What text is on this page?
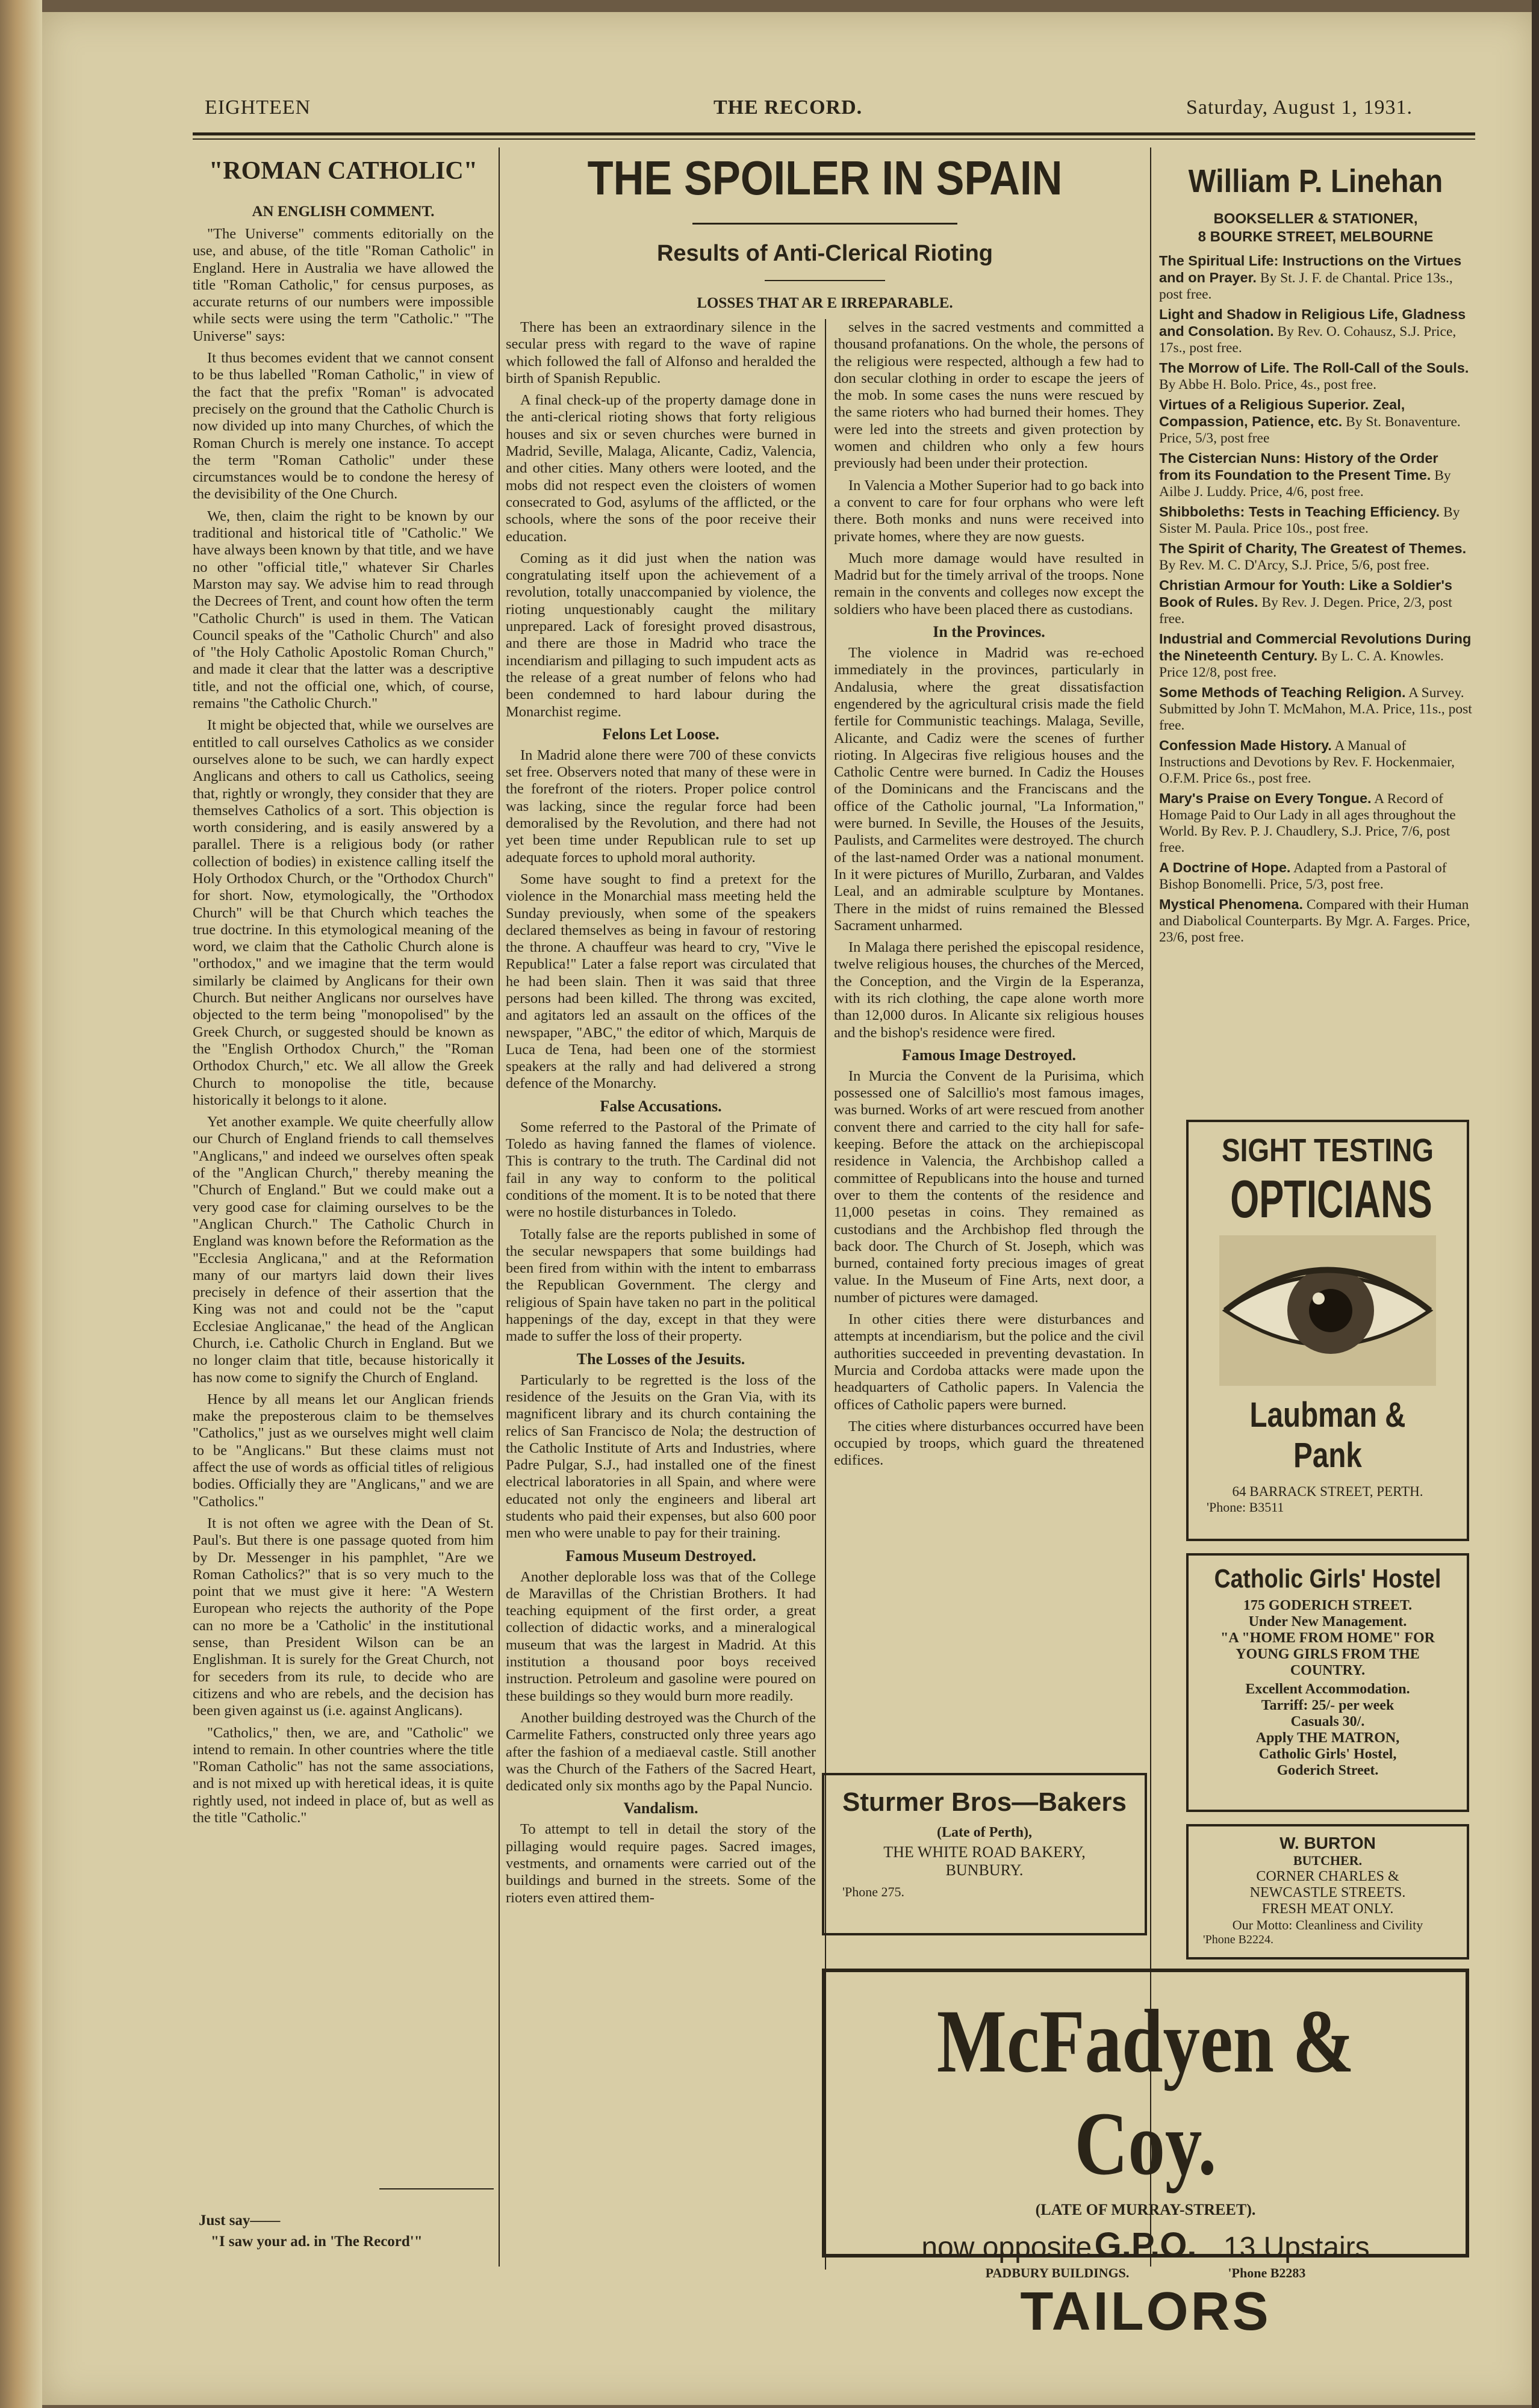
EIGHTEEN	THE RECORD.	Saturday, August 1, 1931.
"ROMAN CATHOLIC"
AN ENGLISH COMMENT.

"The Universe" comments editorially on the use, and abuse, of the title "Roman Catholic" in England. Here in Australia we have allowed the title "Roman Catholic," for census purposes, as accurate returns of our numbers were impossible while sects were using the term "Catholic." "The Universe" says:

It thus becomes evident that we cannot consent to be thus labelled "Roman Catholic," in view of the fact that the prefix "Roman" is advocated precisely on the ground that the Catholic Church is now divided up into many Churches, of which the Roman Church is merely one instance. To accept the term "Roman Catholic" under these circumstances would be to condone the heresy of the devisibility of the One Church.

We, then, claim the right to be known by our traditional and historical title of "Catholic." We have always been known by that title, and we have no other "official title," whatever Sir Charles Marston may say. We advise him to read through the Decrees of Trent, and count how often the term "Catholic Church" is used in them. The Vatican Council speaks of the "Catholic Church" and also of "the Holy Catholic Apostolic Roman Church," and made it clear that the latter was a descriptive title, and not the official one, which, of course, remains "the Catholic Church."

It might be objected that, while we ourselves are entitled to call ourselves Catholics as we consider ourselves alone to be such, we can hardly expect Anglicans and others to call us Catholics, seeing that, rightly or wrongly, they consider that they are themselves Catholics of a sort. This objection is worth considering, and is easily answered by a parallel. There is a religious body (or rather collection of bodies) in existence calling itself the Holy Orthodox Church, or the "Orthodox Church" for short. Now, etymologically, the "Orthodox Church" will be that Church which teaches the true doctrine. In this etymological meaning of the word, we claim that the Catholic Church alone is "orthodox," and we imagine that the term would similarly be claimed by Anglicans for their own Church. But neither Anglicans nor ourselves have objected to the term being "monopolised" by the Greek Church, or suggested should be known as the "English Orthodox Church," the "Roman Orthodox Church," etc. We all allow the Greek Church to monopolise the title, because historically it belongs to it alone.

Yet another example. We quite cheerfully allow our Church of England friends to call themselves "Anglicans," and indeed we ourselves often speak of the "Anglican Church," thereby meaning the "Church of England." But we could make out a very good case for claiming ourselves to be the "Anglican Church." The Catholic Church in England was known before the Reformation as the "Ecclesia Anglicana," and at the Reformation many of our martyrs laid down their lives precisely in defence of their assertion that the King was not and could not be the "caput Ecclesiae Anglicanae," the head of the Anglican Church, i.e. Catholic Church in England. But we no longer claim that title, because historically it has now come to signify the Church of England.

Hence by all means let our Anglican friends make the preposterous claim to be themselves "Catholics," just as we ourselves might well claim to be "Anglicans." But these claims must not affect the use of words as official titles of religious bodies. Officially they are "Anglicans," and we are "Catholics."

It is not often we agree with the Dean of St. Paul's. But there is one passage quoted from him by Dr. Messenger in his pamphlet, "Are we Roman Catholics?" that is so very much to the point that we must give it here: "A Western European who rejects the authority of the Pope can no more be a 'Catholic' in the institutional sense, than President Wilson can be an Englishman. It is surely for the Great Church, not for seceders from its rule, to decide who are citizens and who are rebels, and the decision has been given against us (i.e. against Anglicans).

"Catholics," then, we are, and "Catholic" we intend to remain. In other countries where the title "Roman Catholic" has not the same associations, and is not mixed up with heretical ideas, it is quite rightly used, not indeed in place of, but as well as the title "Catholic."

Just say——
"I saw your ad. in 'The Record'"
THE SPOILER IN SPAIN
Results of Anti-Clerical Rioting
LOSSES THAT AR E IRREPARABLE.

There has been an extraordinary silence in the secular press with regard to the wave of rapine which followed the fall of Alfonso and heralded the birth of Spanish Republic.

A final check-up of the property damage done in the anti-clerical rioting shows that forty religious houses and six or seven churches were burned in Madrid, Seville, Malaga, Alicante, Cadiz, Valencia, and other cities. Many others were looted, and the mobs did not respect even the cloisters of women consecrated to God, asylums of the afflicted, or the schools, where the sons of the poor receive their education.

Coming as it did just when the nation was congratulating itself upon the achievement of a revolution, totally unaccompanied by violence, the rioting unquestionably caught the military unprepared. Lack of foresight proved disastrous, and there are those in Madrid who trace the incendiarism and pillaging to such impudent acts as the release of a great number of felons who had been condemned to hard labour during the Monarchist regime.

Felons Let Loose.

In Madrid alone there were 700 of these convicts set free. Observers noted that many of these were in the forefront of the rioters. Proper police control was lacking, since the regular force had been demoralised by the Revolution, and there had not yet been time under Republican rule to set up adequate forces to uphold moral authority.

Some have sought to find a pretext for the violence in the Monarchial mass meeting held the Sunday previously, when some of the speakers declared themselves as being in favour of restoring the throne. A chauffeur was heard to cry, "Vive le Republica!" Later a false report was circulated that he had been slain. Then it was said that three persons had been killed. The throng was excited, and agitators led an assault on the offices of the newspaper, "ABC," the editor of which, Marquis de Luca de Tena, had been one of the stormiest speakers at the rally and had delivered a strong defence of the Monarchy.

False Accusations.

Some referred to the Pastoral of the Primate of Toledo as having fanned the flames of violence. This is contrary to the truth. The Cardinal did not fail in any way to conform to the political conditions of the moment. It is to be noted that there were no hostile disturbances in Toledo.

Totally false are the reports published in some of the secular newspapers that some buildings had been fired from within with the intent to embarrass the Republican Government. The clergy and religious of Spain have taken no part in the political happenings of the day, except in that they were made to suffer the loss of their property.

The Losses of the Jesuits.

Particularly to be regretted is the loss of the residence of the Jesuits on the Gran Via, with its magnificent library and its church containing the relics of San Francisco de Nola; the destruction of the Catholic Institute of Arts and Industries, where Padre Pulgar, S.J., had installed one of the finest electrical laboratories in all Spain, and where were educated not only the engineers and liberal art students who paid their expenses, but also 600 poor men who were unable to pay for their training.

Famous Museum Destroyed.

Another deplorable loss was that of the College de Maravillas of the Christian Brothers. It had teaching equipment of the first order, a great collection of didactic works, and a mineralogical museum that was the largest in Madrid. At this institution a thousand poor boys received instruction. Petroleum and gasoline were poured on these buildings so they would burn more readily.

Another building destroyed was the Church of the Carmelite Fathers, constructed only three years ago after the fashion of a mediaeval castle. Still another was the Church of the Fathers of the Sacred Heart, dedicated only six months ago by the Papal Nuncio.

Vandalism.

To attempt to tell in detail the story of the pillaging would require pages. Sacred images, vestments, and ornaments were carried out of the buildings and burned in the streets. Some of the rioters even attired them-

selves in the sacred vestments and committed a thousand profanations. On the whole, the persons of the religious were respected, although a few had to don secular clothing in order to escape the jeers of the mob. In some cases the nuns were rescued by the same rioters who had burned their homes. They were led into the streets and given protection by women and children who only a few hours previously had been under their protection.

In Valencia a Mother Superior had to go back into a convent to care for four orphans who were left there. Both monks and nuns were received into private homes, where they are now guests.

Much more damage would have resulted in Madrid but for the timely arrival of the troops. None remain in the convents and colleges now except the soldiers who have been placed there as custodians.

In the Provinces.

The violence in Madrid was re-echoed immediately in the provinces, particularly in Andalusia, where the great dissatisfaction engendered by the agricultural crisis made the field fertile for Communistic teachings. Malaga, Seville, Alicante, and Cadiz were the scenes of further rioting. In Algeciras five religious houses and the Catholic Centre were burned. In Cadiz the Houses of the Dominicans and the Franciscans and the office of the Catholic journal, "La Information," were burned. In Seville, the Houses of the Jesuits, Paulists, and Carmelites were destroyed. The church of the last-named Order was a national monument. In it were pictures of Murillo, Zurbaran, and Valdes Leal, and an admirable sculpture by Montanes. There in the midst of ruins remained the Blessed Sacrament unharmed.

In Malaga there perished the episcopal residence, twelve religious houses, the churches of the Merced, the Conception, and the Virgin de la Esperanza, with its rich clothing, the cape alone worth more than 12,000 duros. In Alicante six religious houses and the bishop's residence were fired.

Famous Image Destroyed.

In Murcia the Convent de la Purisima, which possessed one of Salcillio's most famous images, was burned. Works of art were rescued from another convent there and carried to the city hall for safe-keeping. Before the attack on the archiepiscopal residence in Valencia, the Archbishop called a committee of Republicans into the house and turned over to them the contents of the residence and 11,000 pesetas in coins. They remained as custodians and the Archbishop fled through the back door. The Church of St. Joseph, which was burned, contained forty precious images of great value. In the Museum of Fine Arts, next door, a number of pictures were damaged.

In other cities there were disturbances and attempts at incendiarism, but the police and the civil authorities succeeded in preventing devastation. In Murcia and Cordoba attacks were made upon the headquarters of Catholic papers. In Valencia the offices of Catholic papers were burned.

The cities where disturbances occurred have been occupied by troops, which guard the threatened edifices.

Sturmer Bros—Bakers
(Late of Perth),
THE WHITE ROAD BAKERY,
BUNBURY.
'Phone 275.
William P. Linehan
BOOKSELLER & STATIONER,
8 BOURKE STREET, MELBOURNE
The Spiritual Life: Instructions on the Virtues and on Prayer. By St. J. F. de Chantal. Price 13s., post free.
Light and Shadow in Religious Life, Gladness and Consolation. By Rev. O. Cohausz, S.J. Price, 17s., post free.
The Morrow of Life. The Roll-Call of the Souls. By Abbe H. Bolo. Price, 4s., post free.
Virtues of a Religious Superior. Zeal, Compassion, Patience, etc. By St. Bonaventure. Price, 5/3, post free
The Cistercian Nuns: History of the Order from its Foundation to the Present Time. By Ailbe J. Luddy. Price, 4/6, post free.
Shibboleths: Tests in Teaching Efficiency. By Sister M. Paula. Price 10s., post free.
The Spirit of Charity, The Greatest of Themes. By Rev. M. C. D'Arcy, S.J. Price, 5/6, post free.
Christian Armour for Youth: Like a Soldier's Book of Rules. By Rev. J. Degen. Price, 2/3, post free.
Industrial and Commercial Revolutions During the Nineteenth Century. By L. C. A. Knowles. Price 12/8, post free.
Some Methods of Teaching Religion. A Survey. Submitted by John T. McMahon, M.A. Price, 11s., post free.
Confession Made History. A Manual of Instructions and Devotions by Rev. F. Hockenmaier, O.F.M. Price 6s., post free.
Mary's Praise on Every Tongue. A Record of Homage Paid to Our Lady in all ages throughout the World. By Rev. P. J. Chaudlery, S.J. Price, 7/6, post free.
A Doctrine of Hope. Adapted from a Pastoral of Bishop Bonomelli. Price, 5/3, post free.
Mystical Phenomena. Compared with their Human and Diabolical Counterparts. By Mgr. A. Farges. Price, 23/6, post free.
SIGHT TESTING
OPTICIANS
Laubman & Pank
64 BARRACK STREET, PERTH.
'Phone: B3511
Catholic Girls' Hostel
175 GODERICH STREET.
Under New Management.
"A "HOME FROM HOME" FOR
YOUNG GIRLS FROM THE
COUNTRY.
Excellent Accommodation.
Tarriff: 25/- per week
Casuals 30/.
Apply THE MATRON,
Catholic Girls' Hostel,
Goderich Street.
W. BURTON
BUTCHER.
CORNER CHARLES &
NEWCASTLE STREETS.
FRESH MEAT ONLY.
Our Motto: Cleanliness and Civility
'Phone B2224.
McFadyen & Coy.
(LATE OF MURRAY-STREET).
now opposite G.P.O. 13 Upstairs
PADBURY BUILDINGS.	'Phone B2283
TAILORS
